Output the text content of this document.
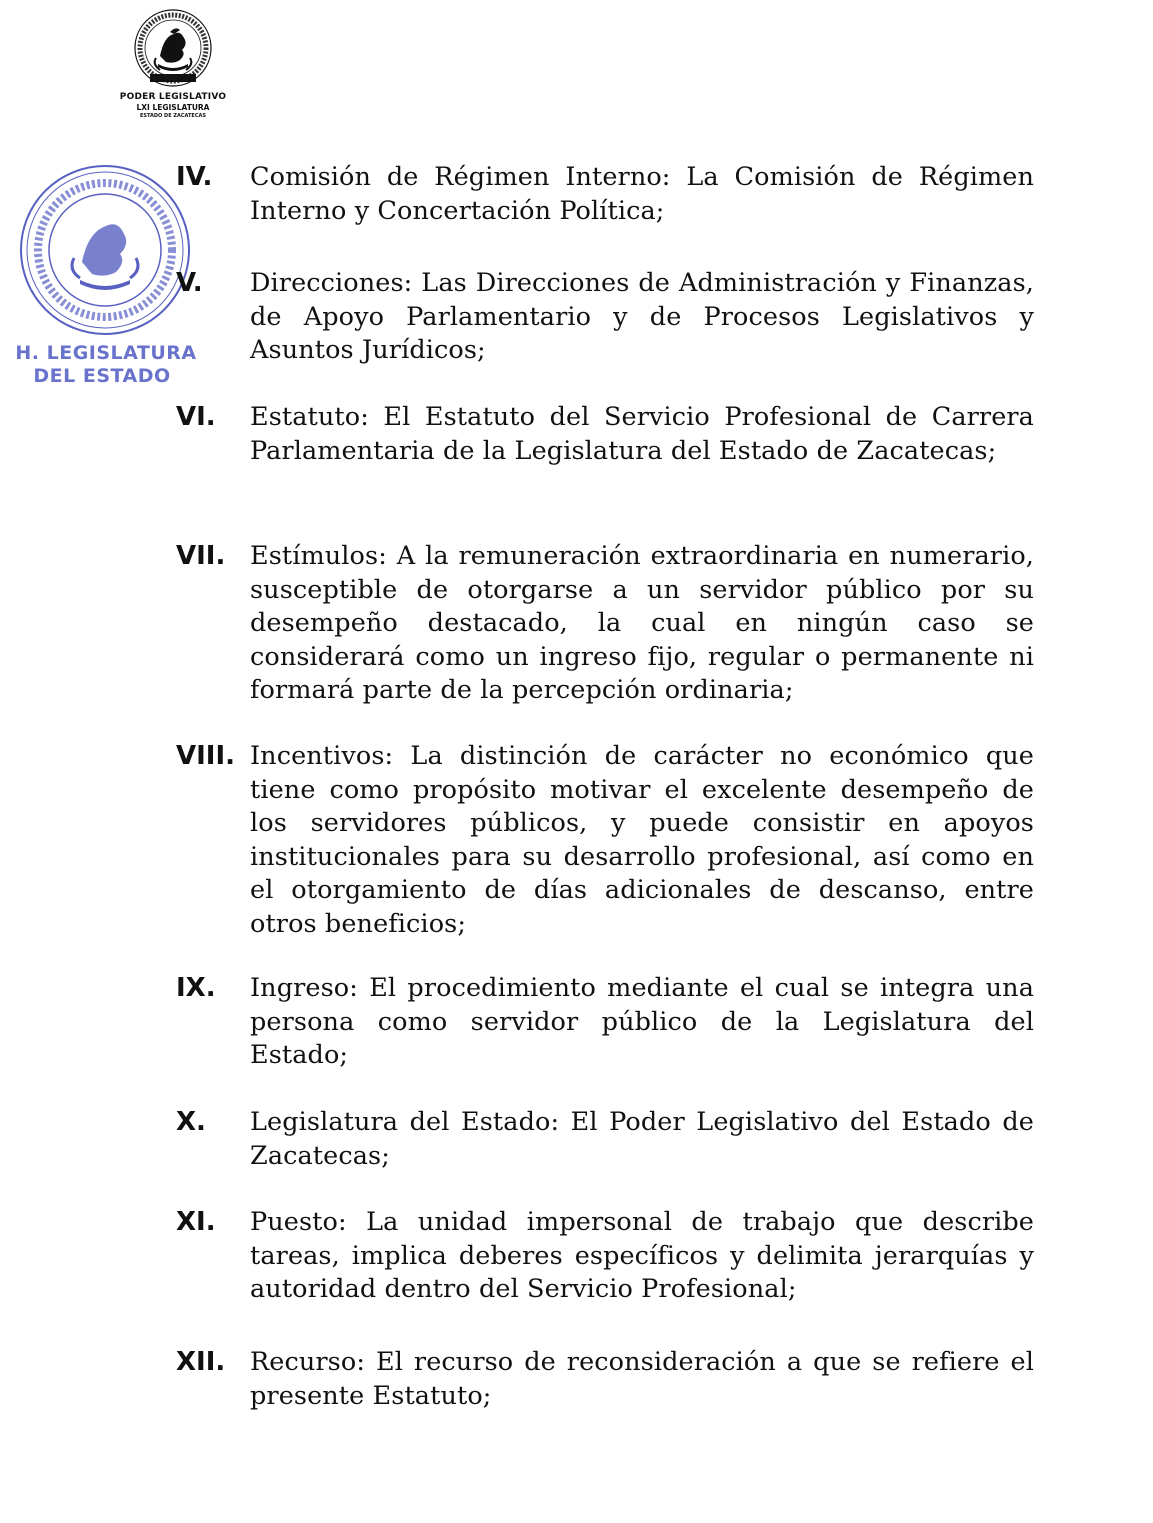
PODER LEGISLATIVO
LXI LEGISLATURA
ESTADO DE ZACATECAS
H. LEGISLATURA
DEL ESTADO
IV. Comisión de Régimen Interno: La Comisión de Régimen Interno y Concertación Política;
V. Direcciones: Las Direcciones de Administración y Finanzas, de Apoyo Parlamentario y de Procesos Legislativos y Asuntos Jurídicos;
VI. Estatuto: El Estatuto del Servicio Profesional de Carrera Parlamentaria de la Legislatura del Estado de Zacatecas;
VII. Estímulos: A la remuneración extraordinaria en numerario, susceptible de otorgarse a un servidor público por su desempeño destacado, la cual en ningún caso se considerará como un ingreso fijo, regular o permanente ni formará parte de la percepción ordinaria;
VIII. Incentivos: La distinción de carácter no económico que tiene como propósito motivar el excelente desempeño de los servidores públicos, y puede consistir en apoyos institucionales para su desarrollo profesional, así como en el otorgamiento de días adicionales de descanso, entre otros beneficios;
IX. Ingreso: El procedimiento mediante el cual se integra una persona como servidor público de la Legislatura del Estado;
X. Legislatura del Estado: El Poder Legislativo del Estado de Zacatecas;
XI. Puesto: La unidad impersonal de trabajo que describe tareas, implica deberes específicos y delimita jerarquías y autoridad dentro del Servicio Profesional;
XII. Recurso: El recurso de reconsideración a que se refiere el presente Estatuto;
